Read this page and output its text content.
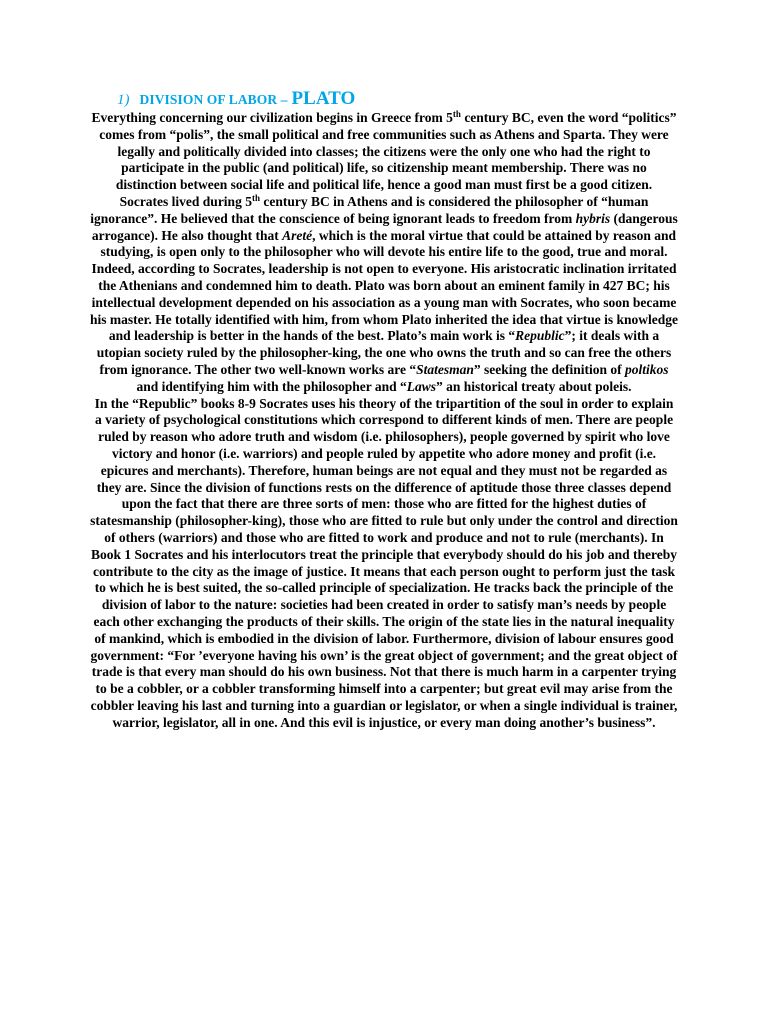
1) DIVISION OF LABOR – PLATO

Everything concerning our civilization begins in Greece from 5th century BC, even the word “politics” comes from “polis”, the small political and free communities such as Athens and Sparta. They were legally and politically divided into classes; the citizens were the only one who had the right to participate in the public (and political) life, so citizenship meant membership. There was no distinction between social life and political life, hence a good man must first be a good citizen. Socrates lived during 5th century BC in Athens and is considered the philosopher of “human ignorance”. He believed that the conscience of being ignorant leads to freedom from hybris (dangerous arrogance). He also thought that Areté, which is the moral virtue that could be attained by reason and studying, is open only to the philosopher who will devote his entire life to the good, true and moral. Indeed, according to Socrates, leadership is not open to everyone. His aristocratic inclination irritated the Athenians and condemned him to death. Plato was born about an eminent family in 427 BC; his intellectual development depended on his association as a young man with Socrates, who soon became his master. He totally identified with him, from whom Plato inherited the idea that virtue is knowledge and leadership is better in the hands of the best. Plato’s main work is “Republic”; it deals with a utopian society ruled by the philosopher-king, the one who owns the truth and so can free the others from ignorance. The other two well-known works are “Statesman” seeking the definition of poltikos and identifying him with the philosopher and “Laws” an historical treaty about poleis.

In the “Republic” books 8-9 Socrates uses his theory of the tripartition of the soul in order to explain a variety of psychological constitutions which correspond to different kinds of men. There are people ruled by reason who adore truth and wisdom (i.e. philosophers), people governed by spirit who love victory and honor (i.e. warriors) and people ruled by appetite who adore money and profit (i.e. epicures and merchants). Therefore, human beings are not equal and they must not be regarded as they are. Since the division of functions rests on the difference of aptitude those three classes depend upon the fact that there are three sorts of men: those who are fitted for the highest duties of statesmanship (philosopher-king), those who are fitted to rule but only under the control and direction of others (warriors) and those who are fitted to work and produce and not to rule (merchants). In Book 1 Socrates and his interlocutors treat the principle that everybody should do his job and thereby contribute to the city as the image of justice. It means that each person ought to perform just the task to which he is best suited, the so-called principle of specialization. He tracks back the principle of the division of labor to the nature: societies had been created in order to satisfy man’s needs by people each other exchanging the products of their skills. The origin of the state lies in the natural inequality of mankind, which is embodied in the division of labor. Furthermore, division of labour ensures good government: “For ’everyone having his own’ is the great object of government; and the great object of trade is that every man should do his own business. Not that there is much harm in a carpenter trying to be a cobbler, or a cobbler transforming himself into a carpenter; but great evil may arise from the cobbler leaving his last and turning into a guardian or legislator, or when a single individual is trainer, warrior, legislator, all in one. And this evil is injustice, or every man doing another’s business”.
